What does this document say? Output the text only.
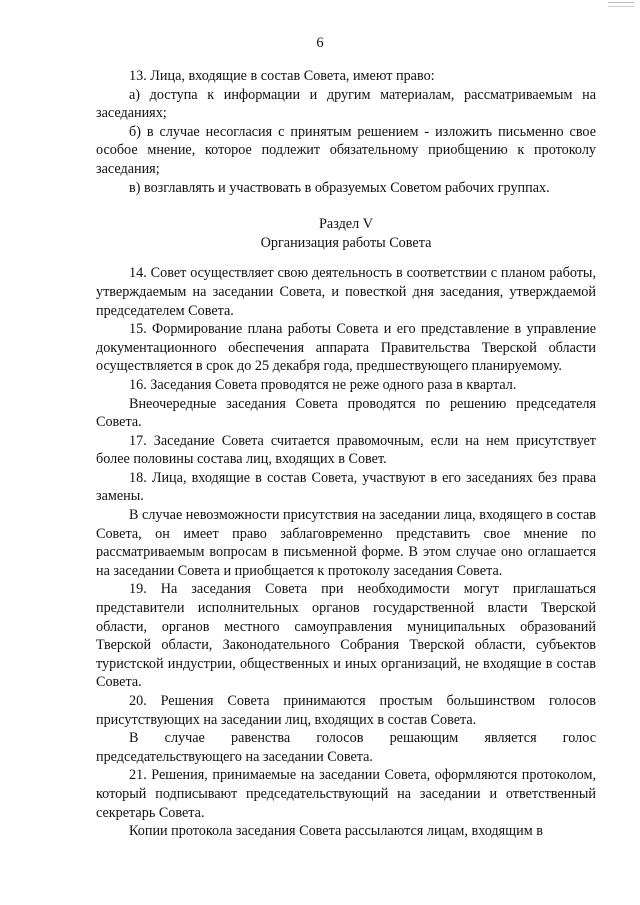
6

13. Лица, входящие в состав Совета, имеют право:

а) доступа к информации и другим материалам, рассматриваемым на заседаниях;

б) в случае несогласия с принятым решением - изложить письменно свое особое мнение, которое подлежит обязательному приобщению к протоколу заседания;

в) возглавлять и участвовать в образуемых Советом рабочих группах.

Раздел V

Организация работы Совета

14. Совет осуществляет свою деятельность в соответствии с планом работы, утверждаемым на заседании Совета, и повесткой дня заседания, утверждаемой председателем Совета.

15. Формирование плана работы Совета и его представление в управление документационного обеспечения аппарата Правительства Тверской области осуществляется в срок до 25 декабря года, предшествующего планируемому.

16. Заседания Совета проводятся не реже одного раза в квартал.

Внеочередные заседания Совета проводятся по решению председателя Совета.

17. Заседание Совета считается правомочным, если на нем присутствует более половины состава лиц, входящих в Совет.

18. Лица, входящие в состав Совета, участвуют в его заседаниях без права замены.

В случае невозможности присутствия на заседании лица, входящего в состав Совета, он имеет право заблаговременно представить свое мнение по рассматриваемым вопросам в письменной форме. В этом случае оно оглашается на заседании Совета и приобщается к протоколу заседания Совета.

19. На заседания Совета при необходимости могут приглашаться представители исполнительных органов государственной власти Тверской области, органов местного самоуправления муниципальных образований Тверской области, Законодательного Собрания Тверской области, субъектов туристской индустрии, общественных и иных организаций, не входящие в состав Совета.

20. Решения Совета принимаются простым большинством голосов присутствующих на заседании лиц, входящих в состав Совета.

В случае равенства голосов решающим является голос председательствующего на заседании Совета.

21. Решения, принимаемые на заседании Совета, оформляются протоколом, который подписывают председательствующий на заседании и ответственный секретарь Совета.

Копии протокола заседания Совета рассылаются лицам, входящим в
